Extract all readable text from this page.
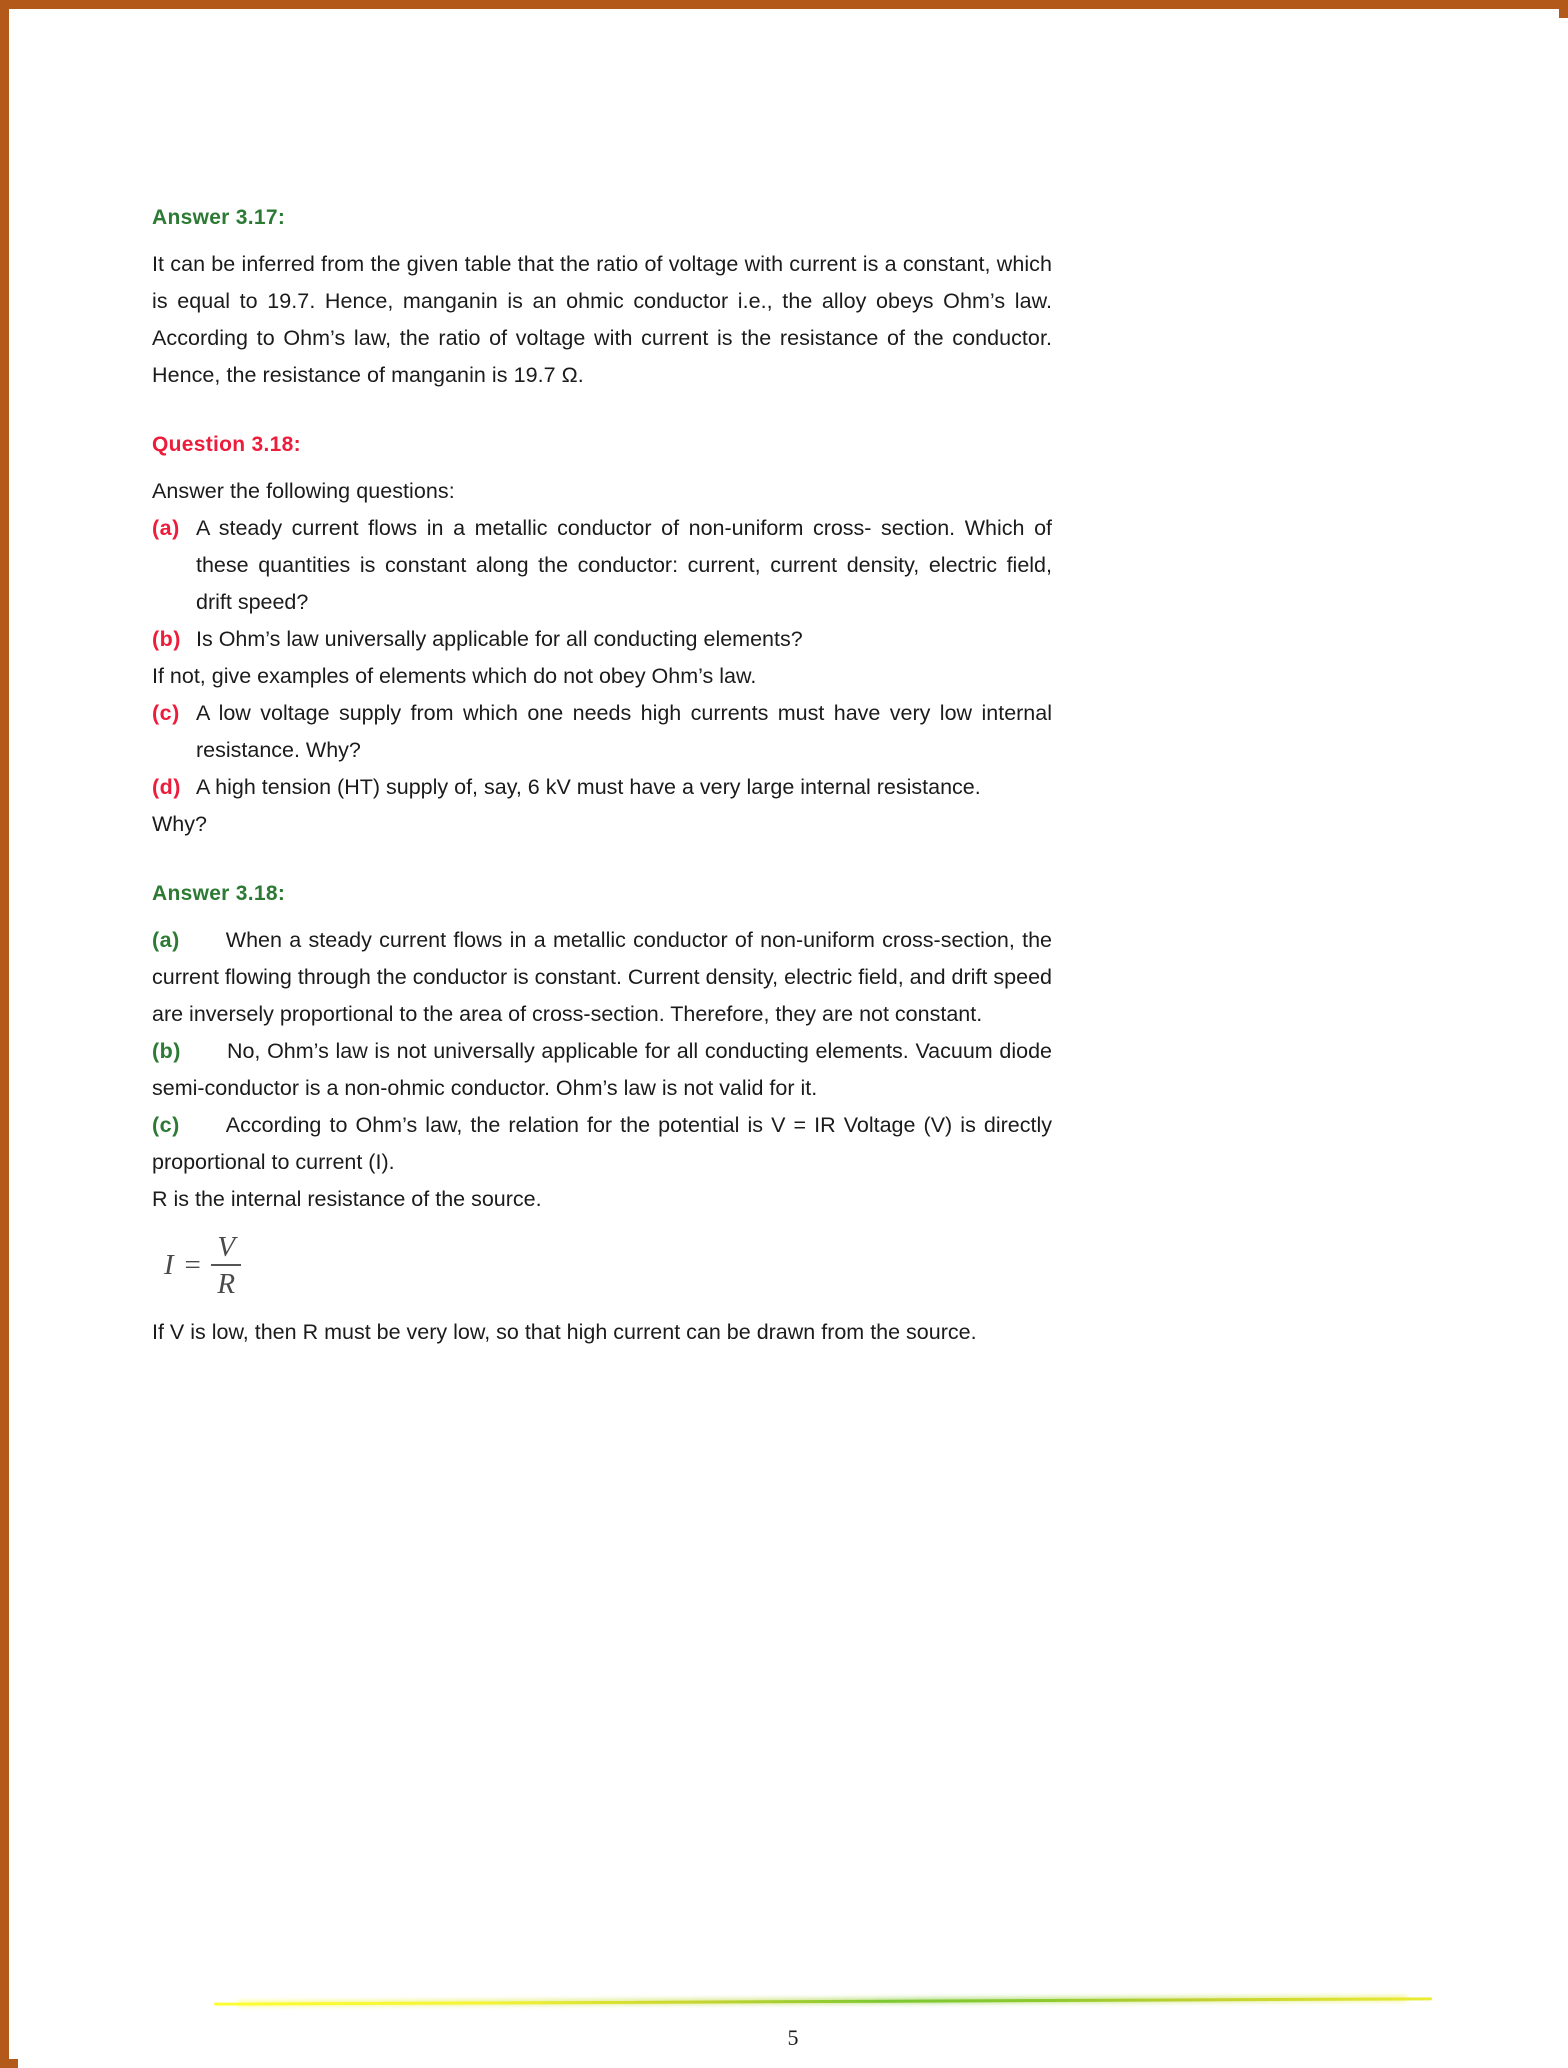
Answer 3.17:

It can be inferred from the given table that the ratio of voltage with current is a constant, which is equal to 19.7. Hence, manganin is an ohmic conductor i.e., the alloy obeys Ohm’s law. According to Ohm’s law, the ratio of voltage with current is the resistance of the conductor. Hence, the resistance of manganin is 19.7 Ω.

Question 3.18:

Answer the following questions:

(a) A steady current flows in a metallic conductor of non-uniform cross- section. Which of these quantities is constant along the conductor: current, current density, electric field, drift speed?
(b) Is Ohm’s law universally applicable for all conducting elements?
If not, give examples of elements which do not obey Ohm’s law.
(c) A low voltage supply from which one needs high currents must have very low internal resistance. Why?
(d) A high tension (HT) supply of, say, 6 kV must have a very large internal resistance.
Why?
Answer 3.18:
(a) When a steady current flows in a metallic conductor of non-uniform cross-section, the current flowing through the conductor is constant. Current density, electric field, and drift speed are inversely proportional to the area of cross-section. Therefore, they are not constant.
(b) No, Ohm’s law is not universally applicable for all conducting elements. Vacuum diode semi-conductor is a non-ohmic conductor. Ohm’s law is not valid for it.
(c) According to Ohm’s law, the relation for the potential is V = IR Voltage (V) is directly proportional to current (I).
R is the internal resistance of the source.
$I = \frac{V}{R}$
If V is low, then R must be very low, so that high current can be drawn from the source.
5
